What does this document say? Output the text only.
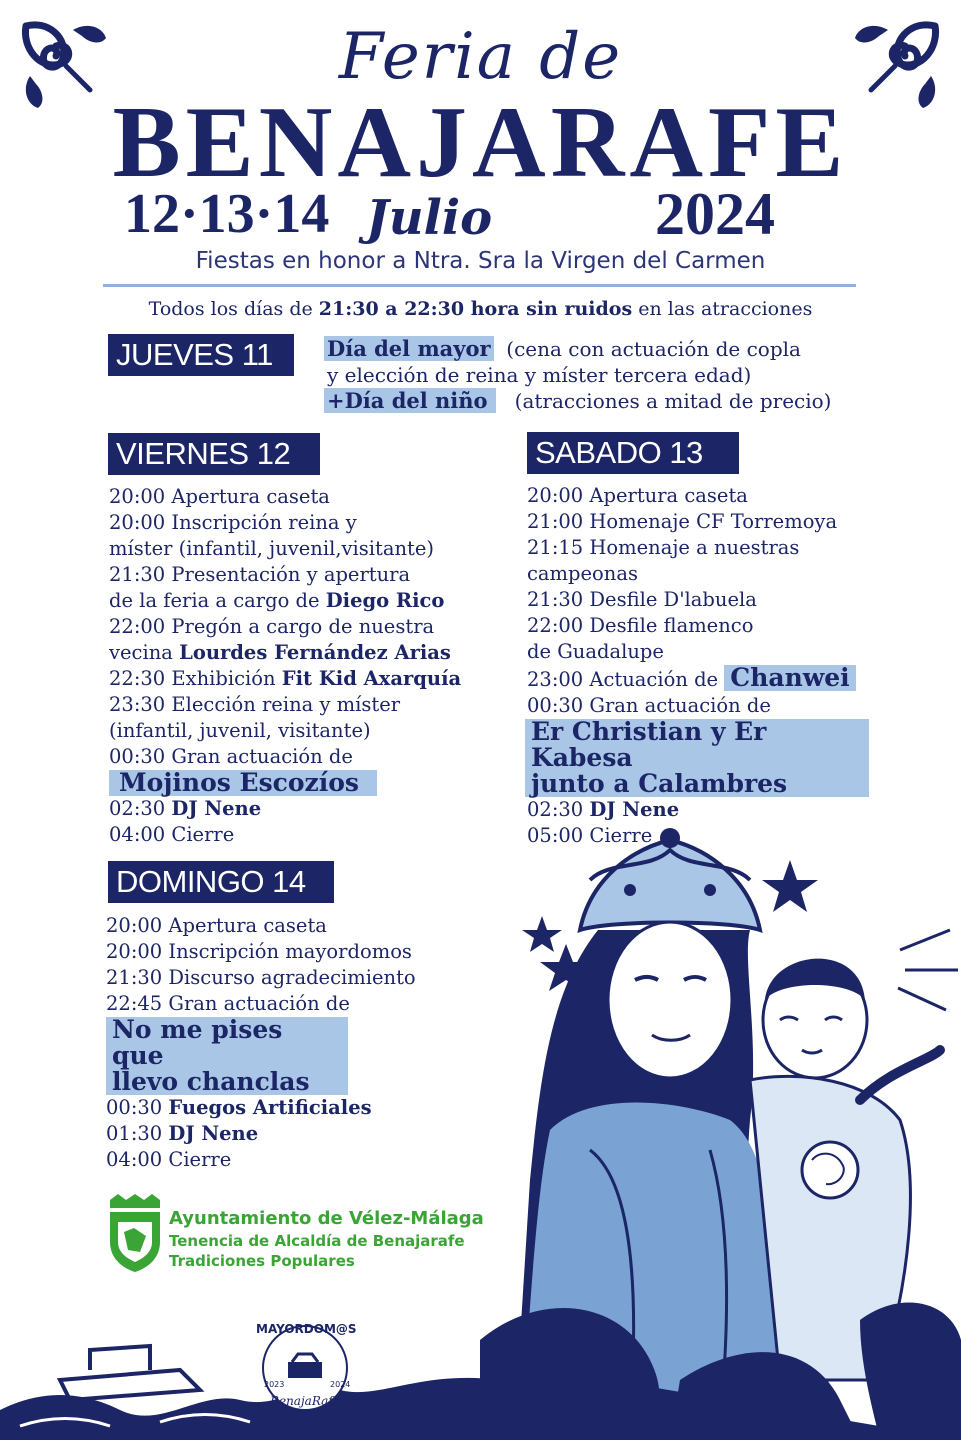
Feria de
BENAJARAFE
12·13·14 Julio	2024
Fiestas en honor a Ntra. Sra la Virgen del Carmen
Todos los días de 21:30 a 22:30 hora sin ruidos en las atracciones
JUEVES 11	Día del mayor (cena con actuación de copla
y elección de reina y míster tercera edad)
+Día del niño (atracciones a mitad de precio)
VIERNES 12
20:00 Apertura caseta
20:00 Inscripción reina y
míster (infantil, juvenil,visitante)
21:30 Presentación y apertura
de la feria a cargo de Diego Rico
22:00 Pregón a cargo de nuestra
vecina Lourdes Fernández Arias
22:30 Exhibición Fit Kid Axarquía
23:30 Elección reina y míster
(infantil, juvenil, visitante)
00:30 Gran actuación de
Mojinos Escozíos
02:30 DJ Nene
04:00 Cierre
SABADO 13
20:00 Apertura caseta
21:00 Homenaje CF Torremoya
21:15 Homenaje a nuestras
campeonas
21:30 Desfile D'labuela
22:00 Desfile flamenco
de Guadalupe
23:00 Actuación de Chanwei
00:30 Gran actuación de
Er Christian y Er Kabesa
junto a Calambres
02:30 DJ Nene
05:00 Cierre
DOMINGO 14
20:00 Apertura caseta
20:00 Inscripción mayordomos
21:30 Discurso agradecimiento
22:45 Gran actuación de
No me pises que
llevo chanclas
00:30 Fuegos Artificiales
01:30 DJ Nene
04:00 Cierre
Ayuntamiento de Vélez-Málaga
Tenencia de Alcaldía de Benajarafe
Tradiciones Populares
MAYORDOM@S
2023	2024
BenajaRafe
